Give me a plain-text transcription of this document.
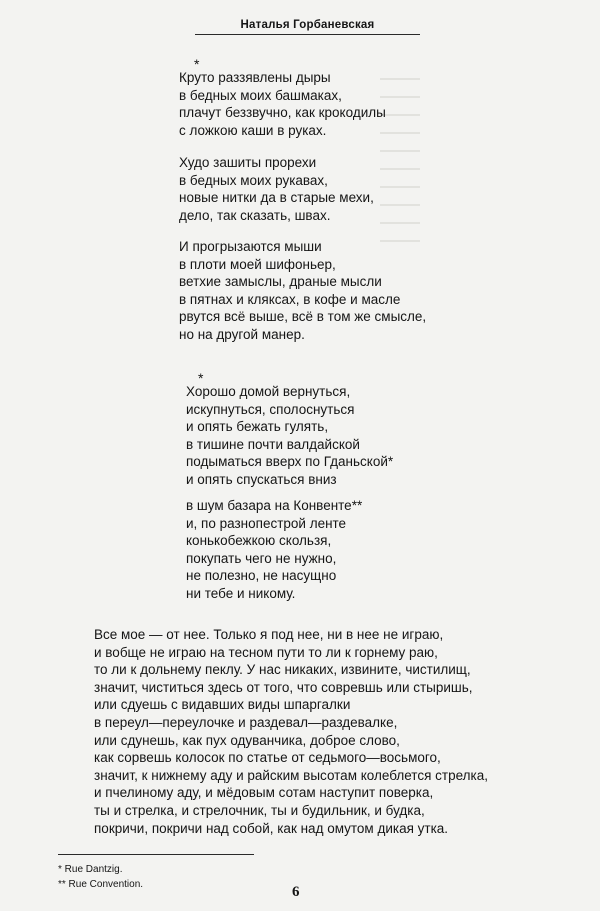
Наталья Горбаневская
*
Круто раззявлены дыры
в бедных моих башмаках,
плачут беззвучно, как крокодилы
с ложкою каши в руках.
Худо зашиты прорехи
в бедных моих рукавах,
новые нитки да в старые мехи,
дело, так сказать, швах.
И прогрызаются мыши
в плоти моей шифоньер,
ветхие замыслы, драные мысли
в пятнах и кляксах, в кофе и масле
рвутся всё выше, всё в том же смысле,
но на другой манер.
*
Хорошо домой вернуться,
искупнуться, сполоснуться
и опять бежать гулять,
в тишине почти валдайской
подыматься вверх по Гданьской*
и опять спускаться вниз
в шум базара на Конвенте**
и, по разнопестрой ленте
конькобежкою скользя,
покупать чего не нужно,
не полезно, не насущно
ни тебе и никому.
Все мое — от нее. Только я под нее, ни в нее не играю,
и вобще не играю на тесном пути то ли к горнему раю,
то ли к дольнему пеклу. У нас никаких, извините, чистилищ,
значит, чиститься здесь от того, что совревшь или стыришь,
или сдуешь с видавших виды шпаргалки
в переул—переулочке и раздевал—раздевалке,
или сдунешь, как пух одуванчика, доброе слово,
как сорвешь колосок по статье от седьмого—восьмого,
значит, к нижнему аду и райским высотам колеблется стрелка,
и пчелиному аду, и мёдовым сотам наступит поверка,
ты и стрелка, и стрелочник, ты и будильник, и будка,
покричи, покричи над собой, как над омутом дикая утка.
* Rue Dantzig.
** Rue Convention.	6
